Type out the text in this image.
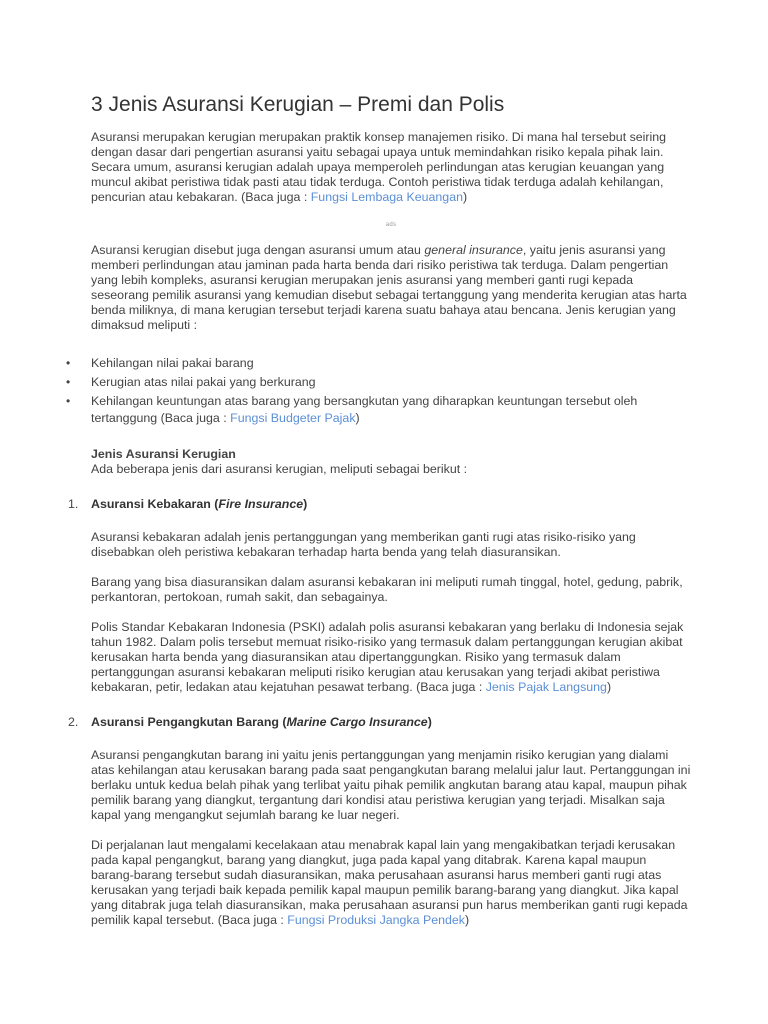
3 Jenis Asuransi Kerugian – Premi dan Polis

Asuransi merupakan kerugian merupakan praktik konsep manajemen risiko. Di mana hal tersebut seiring dengan dasar dari pengertian asuransi yaitu sebagai upaya untuk memindahkan risiko kepala pihak lain. Secara umum, asuransi kerugian adalah upaya memperoleh perlindungan atas kerugian keuangan yang muncul akibat peristiwa tidak pasti atau tidak terduga. Contoh peristiwa tidak terduga adalah kehilangan, pencurian atau kebakaran. (Baca juga : Fungsi Lembaga Keuangan)

ads

Asuransi kerugian disebut juga dengan asuransi umum atau general insurance, yaitu jenis asuransi yang memberi perlindungan atau jaminan pada harta benda dari risiko peristiwa tak terduga. Dalam pengertian yang lebih kompleks, asuransi kerugian merupakan jenis asuransi yang memberi ganti rugi kepada seseorang pemilik asuransi yang kemudian disebut sebagai tertanggung yang menderita kerugian atas harta benda miliknya, di mana kerugian tersebut terjadi karena suatu bahaya atau bencana. Jenis kerugian yang dimaksud meliputi :

• Kehilangan nilai pakai barang
• Kerugian atas nilai pakai yang berkurang
• Kehilangan keuntungan atas barang yang bersangkutan yang diharapkan keuntungan tersebut oleh tertanggung (Baca juga : Fungsi Budgeter Pajak)
Jenis Asuransi Kerugian

Ada beberapa jenis dari asuransi kerugian, meliputi sebagai berikut :

1. Asuransi Kebakaran (Fire Insurance)

Asuransi kebakaran adalah jenis pertanggungan yang memberikan ganti rugi atas risiko-risiko yang disebabkan oleh peristiwa kebakaran terhadap harta benda yang telah diasuransikan.

Barang yang bisa diasuransikan dalam asuransi kebakaran ini meliputi rumah tinggal, hotel, gedung, pabrik, perkantoran, pertokoan, rumah sakit, dan sebagainya.

Polis Standar Kebakaran Indonesia (PSKI) adalah polis asuransi kebakaran yang berlaku di Indonesia sejak tahun 1982. Dalam polis tersebut memuat risiko-risiko yang termasuk dalam pertanggungan kerugian akibat kerusakan harta benda yang diasuransikan atau dipertanggungkan. Risiko yang termasuk dalam pertanggungan asuransi kebakaran meliputi risiko kerugian atau kerusakan yang terjadi akibat peristiwa kebakaran, petir, ledakan atau kejatuhan pesawat terbang. (Baca juga : Jenis Pajak Langsung)

2. Asuransi Pengangkutan Barang (Marine Cargo Insurance)

Asuransi pengangkutan barang ini yaitu jenis pertanggungan yang menjamin risiko kerugian yang dialami atas kehilangan atau kerusakan barang pada saat pengangkutan barang melalui jalur laut. Pertanggungan ini berlaku untuk kedua belah pihak yang terlibat yaitu pihak pemilik angkutan barang atau kapal, maupun pihak pemilik barang yang diangkut, tergantung dari kondisi atau peristiwa kerugian yang terjadi. Misalkan saja kapal yang mengangkut sejumlah barang ke luar negeri.

Di perjalanan laut mengalami kecelakaan atau menabrak kapal lain yang mengakibatkan terjadi kerusakan pada kapal pengangkut, barang yang diangkut, juga pada kapal yang ditabrak. Karena kapal maupun barang-barang tersebut sudah diasuransikan, maka perusahaan asuransi harus memberi ganti rugi atas kerusakan yang terjadi baik kepada pemilik kapal maupun pemilik barang-barang yang diangkut. Jika kapal yang ditabrak juga telah diasuransikan, maka perusahaan asuransi pun harus memberikan ganti rugi kepada pemilik kapal tersebut. (Baca juga : Fungsi Produksi Jangka Pendek)
